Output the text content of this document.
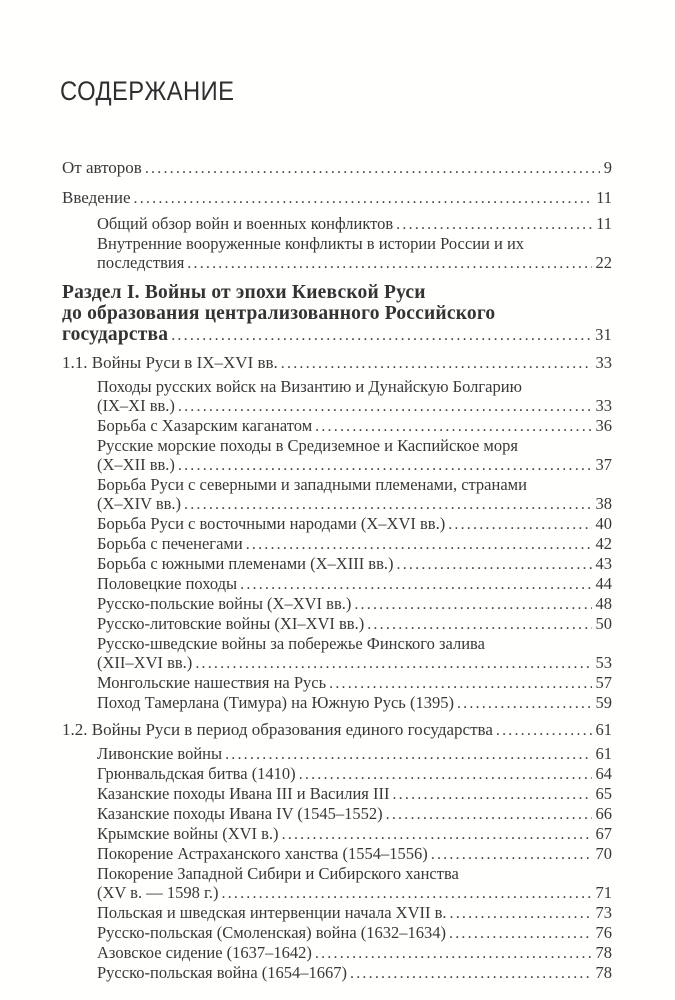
СОДЕРЖАНИЕ
От авторов .....	9
Введение .....	11
Общий обзор войн и военных конфликтов .....	11
Внутренние вооруженные конфликты в истории России и их
последствия .....	22
Раздел I. Войны от эпохи Киевской Руси
до образования централизованного Российского
государства .....	31
1.1. Войны Руси в IX–XVI вв. .....	33
Походы русских войск на Византию и Дунайскую Болгарию
(IX–XI вв.) .....	33
Борьба с Хазарским каганатом .....	36
Русские морские походы в Средиземное и Каспийское моря
(X–XII вв.) .....	37
Борьба Руси с северными и западными племенами, странами
(X–XIV вв.) .....	38
Борьба Руси с восточными народами (X–XVI вв.) .....	40
Борьба с печенегами .....	42
Борьба с южными племенами (X–XIII вв.) .....	43
Половецкие походы .....	44
Русско-польские войны (X–XVI вв.) .....	48
Русско-литовские войны (XI–XVI вв.) .....	50
Русско-шведские войны за побережье Финского залива
(XII–XVI вв.) .....	53
Монгольские нашествия на Русь .....	57
Поход Тамерлана (Тимура) на Южную Русь (1395) .....	59
1.2. Войны Руси в период образования единого государства .....	61
Ливонские войны .....	61
Грюнвальдская битва (1410) .....	64
Казанские походы Ивана III и Василия III .....	65
Казанские походы Ивана IV (1545–1552) .....	66
Крымские войны (XVI в.) .....	67
Покорение Астраханского ханства (1554–1556) .....	70
Покорение Западной Сибири и Сибирского ханства
(XV в. — 1598 г.) .....	71
Польская и шведская интервенции начала XVII в. .....	73
Русско-польская (Смоленская) война (1632–1634) .....	76
Азовское сидение (1637–1642) .....	78
Русско-польская война (1654–1667) .....	78
